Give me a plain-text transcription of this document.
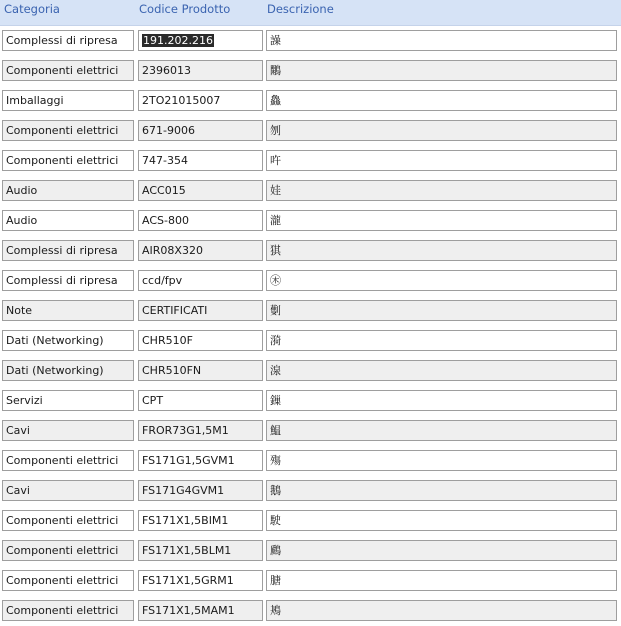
Categoria	Codice Prodotto	Descrizione
Complessi di ripresa	191.202.216	譟
Componenti elettrici	2396013	鷴
Imballaggi	2TO21015007	鱻
Componenti elettrici	671-9006	刎
Componenti elettrici	747-354	吘
Audio	ACC015	娃
Audio	ACS-800	瀧
Complessi di ripresa	AIR08X320	猉
Complessi di ripresa	ccd/fpv	㊍
Note	CERTIFICATI	劐
Dati (Networking)	CHR510F	漪
Dati (Networking)	CHR510FN	湶
Servizi	CPT	鏁
Cavi	FROR73G1,5M1	鰛
Componenti elettrici	FS171G1,5GVM1	殤
Cavi	FS171G4GVM1	鵝
Componenti elettrici	FS171X1,5BIM1	駛
Componenti elettrici	FS171X1,5BLM1	鷉
Componenti elettrici	FS171X1,5GRM1	膅
Componenti elettrici	FS171X1,5MAM1	鴂
